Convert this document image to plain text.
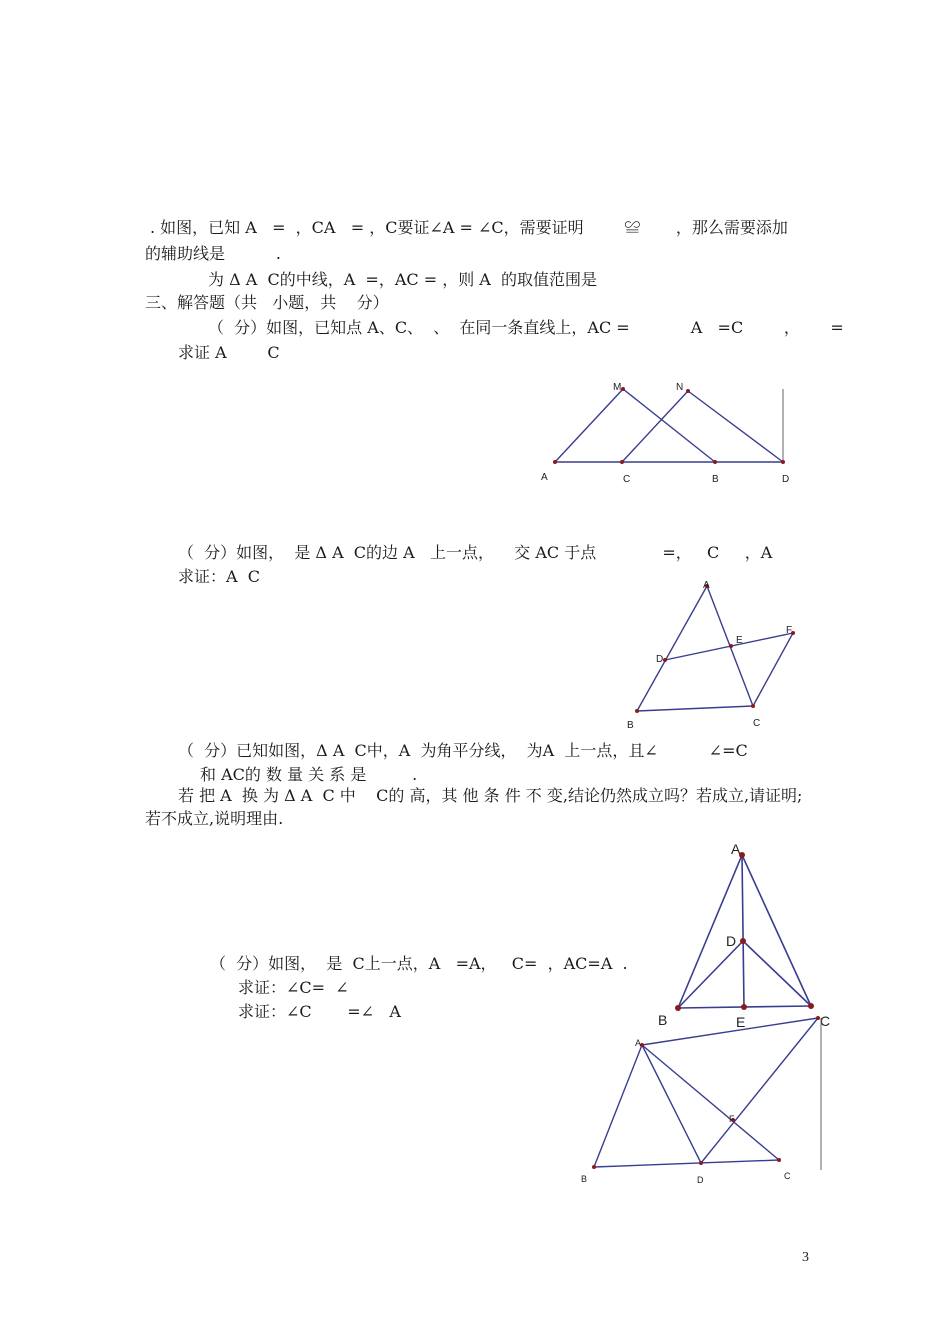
. 如图，已知 A   =  ，CA   = ，C要证∠A = ∠C，需要证明        ≌       ，那么需要添加
的辅助线是          .
为 Δ A  C的中线，A  =，AC = ，则 A  的取值范围是
三、解答题（共   小题，共    分）
（  分）如图，已知点 A、C、  、  在同一条直线上，AC =            A   =C        ，      =
求证 A        C
M	N
A	C	B	D
（  分）如图，  是 Δ A  C的边 A   上一点，    交 AC 于点             =，   C     ，A
求证：A  C	A
F
E
D
B	C
（  分）已知如图，Δ A  C中，A  为角平分线，  为A  上一点，且∠          ∠=C
和 AC的 数 量 关 系 是         .
若 把 A  换 为 Δ A  C 中    C的 高，其 他 条 件 不 变,结论仍然成立吗？若成立,请证明;
若不成立,说明理由.
A
D
B	E	C
（  分）如图，  是  C上一点，A   =A，   C=  ，AC=A  .
求证：∠C=  ∠
求证：∠C       =∠   A
A
F
B	D	C
3
